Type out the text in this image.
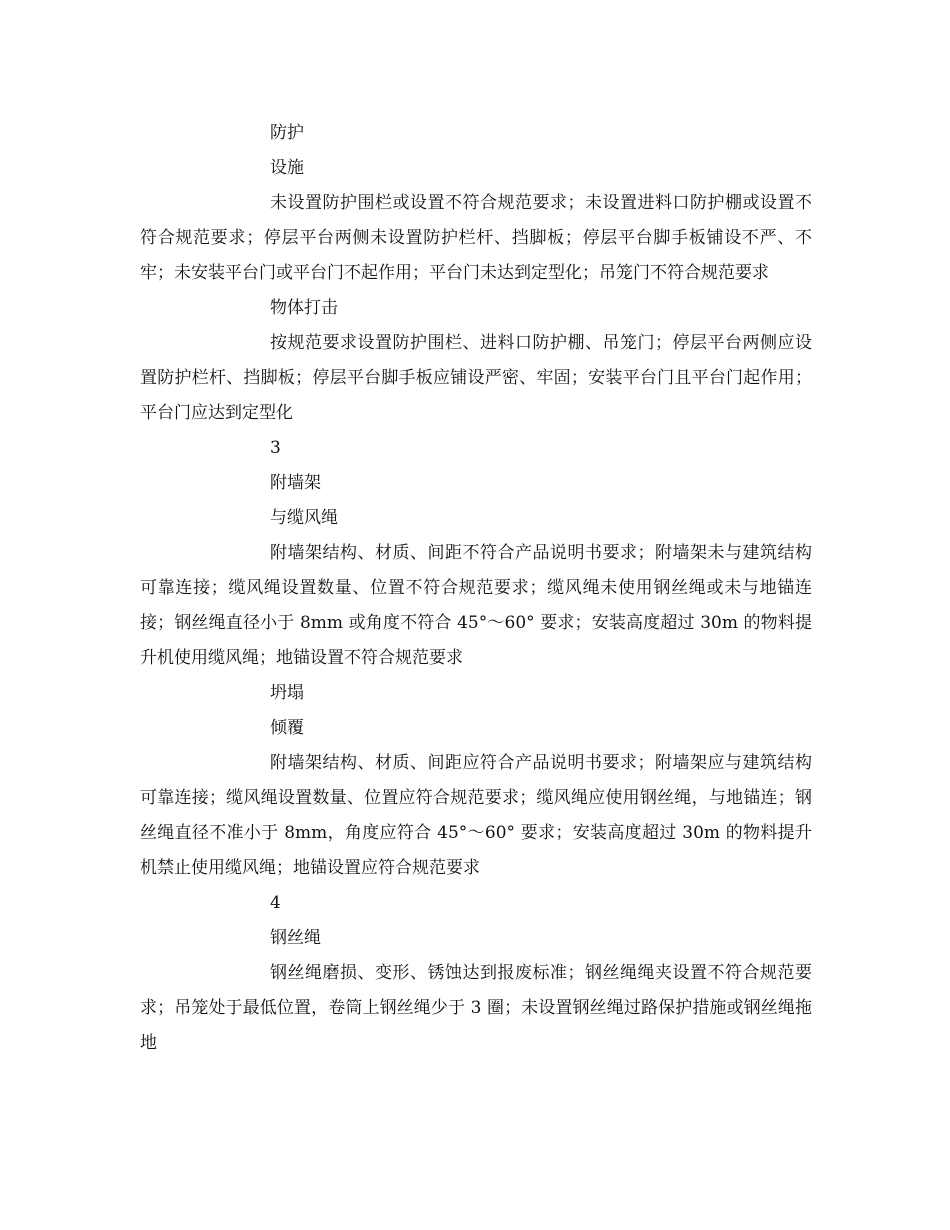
防护

设施

未设置防护围栏或设置不符合规范要求；未设置进料口防护棚或设置不符合规范要求；停层平台两侧未设置防护栏杆、挡脚板；停层平台脚手板铺设不严、不牢；未安装平台门或平台门不起作用；平台门未达到定型化；吊笼门不符合规范要求

物体打击

按规范要求设置防护围栏、进料口防护棚、吊笼门；停层平台两侧应设置防护栏杆、挡脚板；停层平台脚手板应铺设严密、牢固；安装平台门且平台门起作用；平台门应达到定型化

3

附墙架

与缆风绳

附墙架结构、材质、间距不符合产品说明书要求；附墙架未与建筑结构可靠连接；缆风绳设置数量、位置不符合规范要求；缆风绳未使用钢丝绳或未与地锚连接；钢丝绳直径小于 8mm 或角度不符合 45°～60° 要求；安装高度超过 30m 的物料提升机使用缆风绳；地锚设置不符合规范要求

坍塌

倾覆

附墙架结构、材质、间距应符合产品说明书要求；附墙架应与建筑结构可靠连接；缆风绳设置数量、位置应符合规范要求；缆风绳应使用钢丝绳，与地锚连；钢丝绳直径不准小于 8mm，角度应符合 45°～60° 要求；安装高度超过 30m 的物料提升机禁止使用缆风绳；地锚设置应符合规范要求

4

钢丝绳

钢丝绳磨损、变形、锈蚀达到报废标准；钢丝绳绳夹设置不符合规范要求；吊笼处于最低位置，卷筒上钢丝绳少于 3 圈；未设置钢丝绳过路保护措施或钢丝绳拖地
